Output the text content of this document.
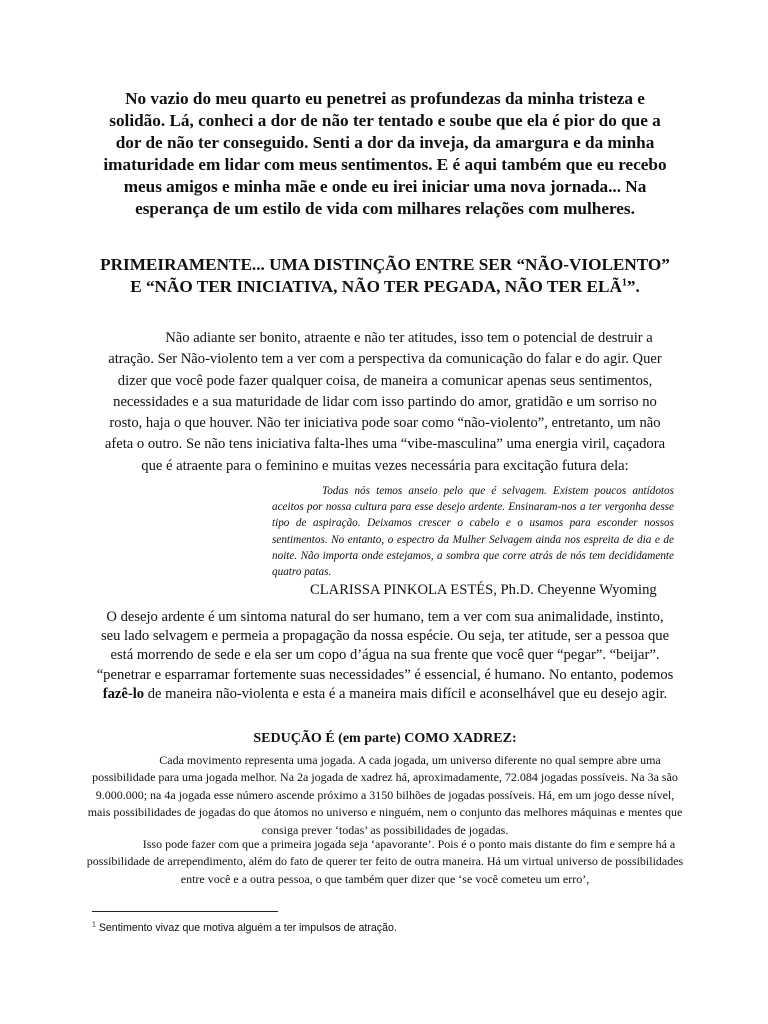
No vazio do meu quarto eu penetrei as profundezas da minha tristeza e solidão. Lá, conheci a dor de não ter tentado e soube que ela é pior do que a dor de não ter conseguido. Senti a dor da inveja, da amargura e da minha imaturidade em lidar com meus sentimentos. E é aqui também que eu recebo meus amigos e minha mãe e onde eu irei iniciar uma nova jornada... Na esperança de um estilo de vida com milhares relações com mulheres.
PRIMEIRAMENTE... UMA DISTINÇÃO ENTRE SER “NÃO-VIOLENTO” E “NÃO TER INICIATIVA, NÃO TER PEGADA, NÃO TER ELÃ$^1$”.
Não adiante ser bonito, atraente e não ter atitudes, isso tem o potencial de destruir a atração. Ser Não-violento tem a ver com a perspectiva da comunicação do falar e do agir. Quer dizer que você pode fazer qualquer coisa, de maneira a comunicar apenas seus sentimentos, necessidades e a sua maturidade de lidar com isso partindo do amor, gratidão e um sorriso no rosto, haja o que houver. Não ter iniciativa pode soar como “não-violento”, entretanto, um não afeta o outro. Se não tens iniciativa falta-lhes uma “vibe-masculina” uma energia viril, caçadora que é atraente para o feminino e muitas vezes necessária para excitação futura dela:
Todas nós temos anseio pelo que é selvagem. Existem poucos antídotos aceitos por nossa cultura para esse desejo ardente. Ensinaram-nos a ter vergonha desse tipo de aspiração. Deixamos crescer o cabelo e o usamos para esconder nossos sentimentos. No entanto, o espectro da Mulher Selvagem ainda nos espreita de dia e de noite. Não importa onde estejamos, a sombra que corre atrás de nós tem decididamente quatro patas.
CLARISSA PINKOLA ESTÉS, Ph.D. Cheyenne Wyoming
O desejo ardente é um sintoma natural do ser humano, tem a ver com sua animalidade, instinto, seu lado selvagem e permeia a propagação da nossa espécie. Ou seja, ter atitude, ser a pessoa que está morrendo de sede e ela ser um copo d’água na sua frente que você quer “pegar”. “beijar”. “penetrar e esparramar fortemente suas necessidades” é essencial, é humano. No entanto, podemos fazê-lo de maneira não-violenta e esta é a maneira mais difícil e aconselhável que eu desejo agir.
SEDUÇÃO É (em parte) COMO XADREZ:
Cada movimento representa uma jogada. A cada jogada, um universo diferente no qual sempre abre uma possibilidade para uma jogada melhor. Na 2a jogada de xadrez há, aproximadamente, 72.084 jogadas possíveis. Na 3a são 9.000.000; na 4a jogada esse número ascende próximo a 3150 bilhões de jogadas possíveis. Há, em um jogo desse nível, mais possibilidades de jogadas do que átomos no universo e ninguém, nem o conjunto das melhores máquinas e mentes que consiga prever ‘todas’ as possibilidades de jogadas.
Isso pode fazer com que a primeira jogada seja ‘apavorante’. Pois é o ponto mais distante do fim e sempre há a possibilidade de arrependimento, além do fato de querer ter feito de outra maneira. Há um virtual universo de possibilidades entre você e a outra pessoa, o que também quer dizer que ‘se você cometeu um erro’,
$^1$ Sentimento vivaz que motiva alguém a ter impulsos de atração.
